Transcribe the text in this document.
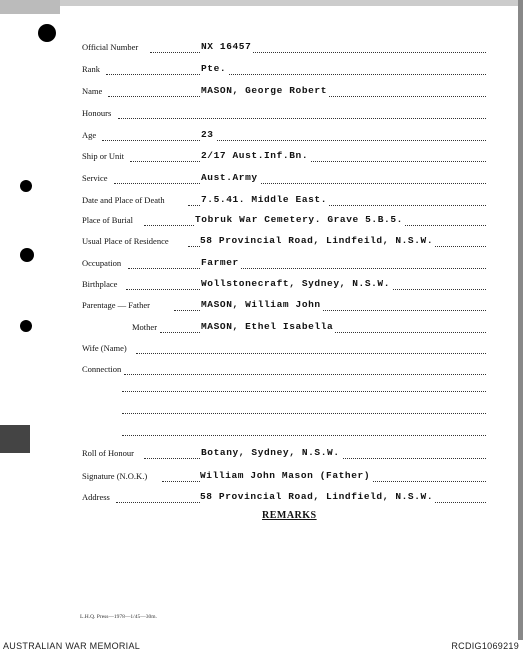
Official Number	NX 16457
Rank	Pte.
Name	MASON, George Robert
Honours
Age	23
Ship or Unit	2/17 Aust.Inf.Bn.
Service	Aust.Army
Date and Place of Death	7.5.41. Middle East.
Place of Burial	Tobruk War Cemetery. Grave 5.B.5.
Usual Place of Residence	58 Provincial Road, Lindfeild, N.S.W.
Occupation	Farmer
Birthplace	Wollstonecraft, Sydney, N.S.W.
Parentage — Father	MASON, William John
Mother	MASON, Ethel Isabella
Wife (Name)
Connection
Roll of Honour	Botany, Sydney, N.S.W.
Signature (N.O.K.)	William John Mason (Father)
Address	58 Provincial Road, Lindfield, N.S.W.
REMARKS
L.H.Q. Press—1978—1/45—30m.
AUSTRALIAN WAR MEMORIAL	RCDIG1069219
